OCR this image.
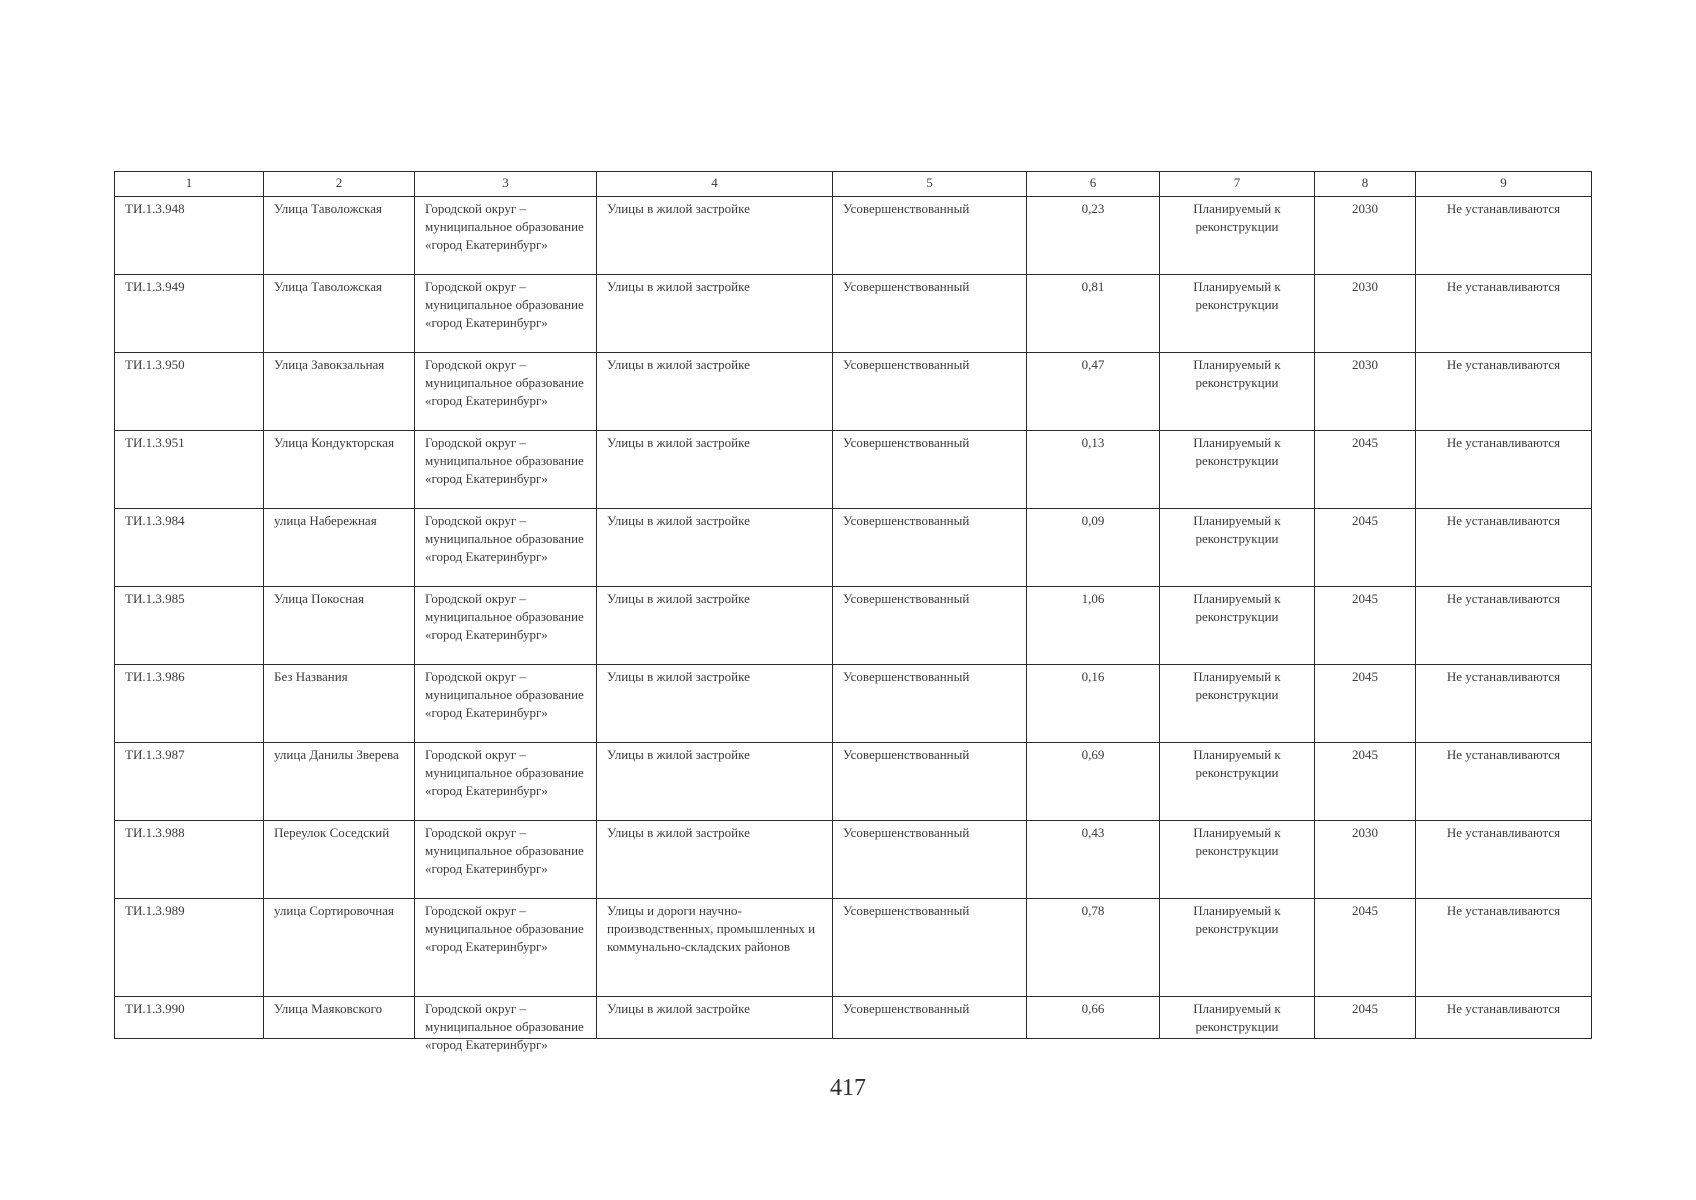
1	2	3	4	5	6	7	8	9
ТИ.1.3.948	Улица Таволожская	Городской округ – муниципальное образование «город Екатеринбург»	Улицы в жилой застройке	Усовершенствованный	0,23	Планируемый к реконструкции	2030	Не устанавливаются
ТИ.1.3.949	Улица Таволожская	Городской округ – муниципальное образование «город Екатеринбург»	Улицы в жилой застройке	Усовершенствованный	0,81	Планируемый к реконструкции	2030	Не устанавливаются
ТИ.1.3.950	Улица Завокзальная	Городской округ – муниципальное образование «город Екатеринбург»	Улицы в жилой застройке	Усовершенствованный	0,47	Планируемый к реконструкции	2030	Не устанавливаются
ТИ.1.3.951	Улица Кондукторская	Городской округ – муниципальное образование «город Екатеринбург»	Улицы в жилой застройке	Усовершенствованный	0,13	Планируемый к реконструкции	2045	Не устанавливаются
ТИ.1.3.984	улица Набережная	Городской округ – муниципальное образование «город Екатеринбург»	Улицы в жилой застройке	Усовершенствованный	0,09	Планируемый к реконструкции	2045	Не устанавливаются
ТИ.1.3.985	Улица Покосная	Городской округ – муниципальное образование «город Екатеринбург»	Улицы в жилой застройке	Усовершенствованный	1,06	Планируемый к реконструкции	2045	Не устанавливаются
ТИ.1.3.986	Без Названия	Городской округ – муниципальное образование «город Екатеринбург»	Улицы в жилой застройке	Усовершенствованный	0,16	Планируемый к реконструкции	2045	Не устанавливаются
ТИ.1.3.987	улица Данилы Зверева	Городской округ – муниципальное образование «город Екатеринбург»	Улицы в жилой застройке	Усовершенствованный	0,69	Планируемый к реконструкции	2045	Не устанавливаются
ТИ.1.3.988	Переулок Соседский	Городской округ – муниципальное образование «город Екатеринбург»	Улицы в жилой застройке	Усовершенствованный	0,43	Планируемый к реконструкции	2030	Не устанавливаются
ТИ.1.3.989	улица Сортировочная	Городской округ – муниципальное образование «город Екатеринбург»	Улицы и дороги научно-производственных, промышленных и коммунально-складских районов	Усовершенствованный	0,78	Планируемый к реконструкции	2045	Не устанавливаются

ТИ.1.3.990	Улица Маяковского	Городской округ – муниципальное образование «город Екатеринбург»	Улицы в жилой застройке	Усовершенствованный	0,66	Планируемый к реконструкции	2045	Не устанавливаются
417
